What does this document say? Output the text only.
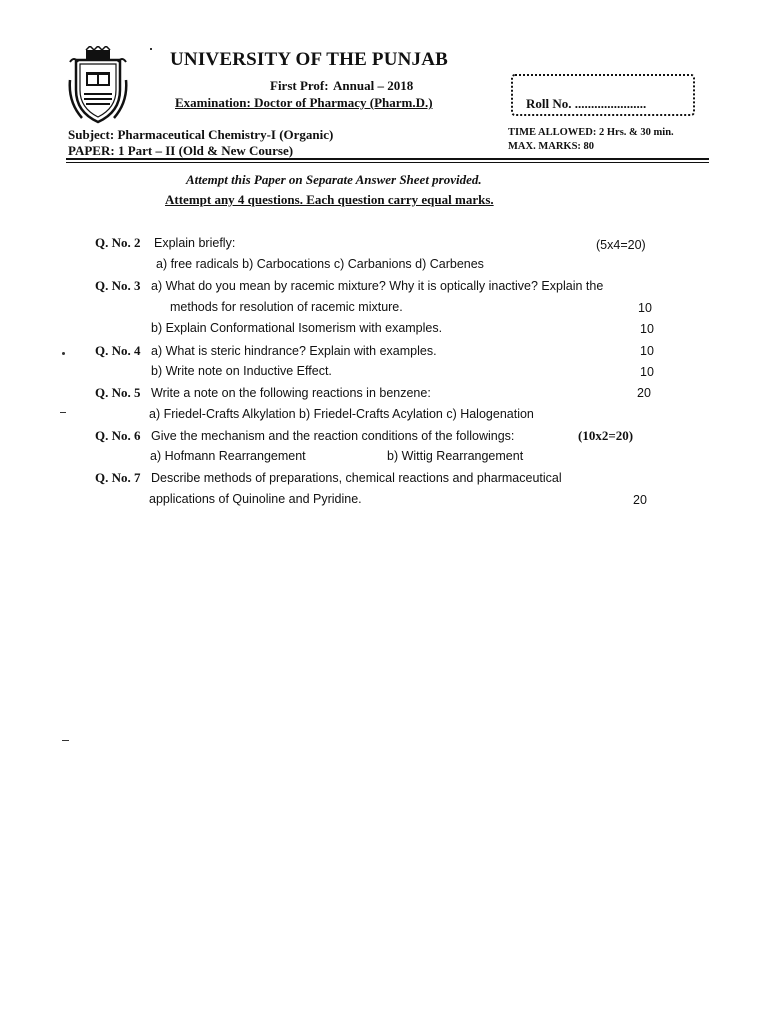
UNIVERSITY OF THE PUNJAB
First Prof: Annual – 2018
Examination: Doctor of Pharmacy (Pharm.D.)	Roll No. ......................
Subject: Pharmaceutical Chemistry-I (Organic)
PAPER: 1 Part – II (Old & New Course)
TIME ALLOWED: 2 Hrs. & 30 min.
MAX. MARKS: 80
Attempt this Paper on Separate Answer Sheet provided.
Attempt any 4 questions. Each question carry equal marks.
Q. No. 2 Explain briefly:	(5x4=20)
a) free radicals b) Carbocations c) Carbanions d) Carbenes
Q. No. 3 a) What do you mean by racemic mixture? Why it is optically inactive? Explain the
methods for resolution of racemic mixture.	10
b) Explain Conformational Isomerism with examples.	10
Q. No. 4 a) What is steric hindrance? Explain with examples.	10
b) Write note on Inductive Effect.	10
Q. No. 5 Write a note on the following reactions in benzene:	20
a) Friedel-Crafts Alkylation b) Friedel-Crafts Acylation c) Halogenation
Q. No. 6 Give the mechanism and the reaction conditions of the followings:	(10x2=20)
a) Hofmann Rearrangement	b) Wittig Rearrangement
Q. No. 7 Describe methods of preparations, chemical reactions and pharmaceutical
applications of Quinoline and Pyridine.	20
